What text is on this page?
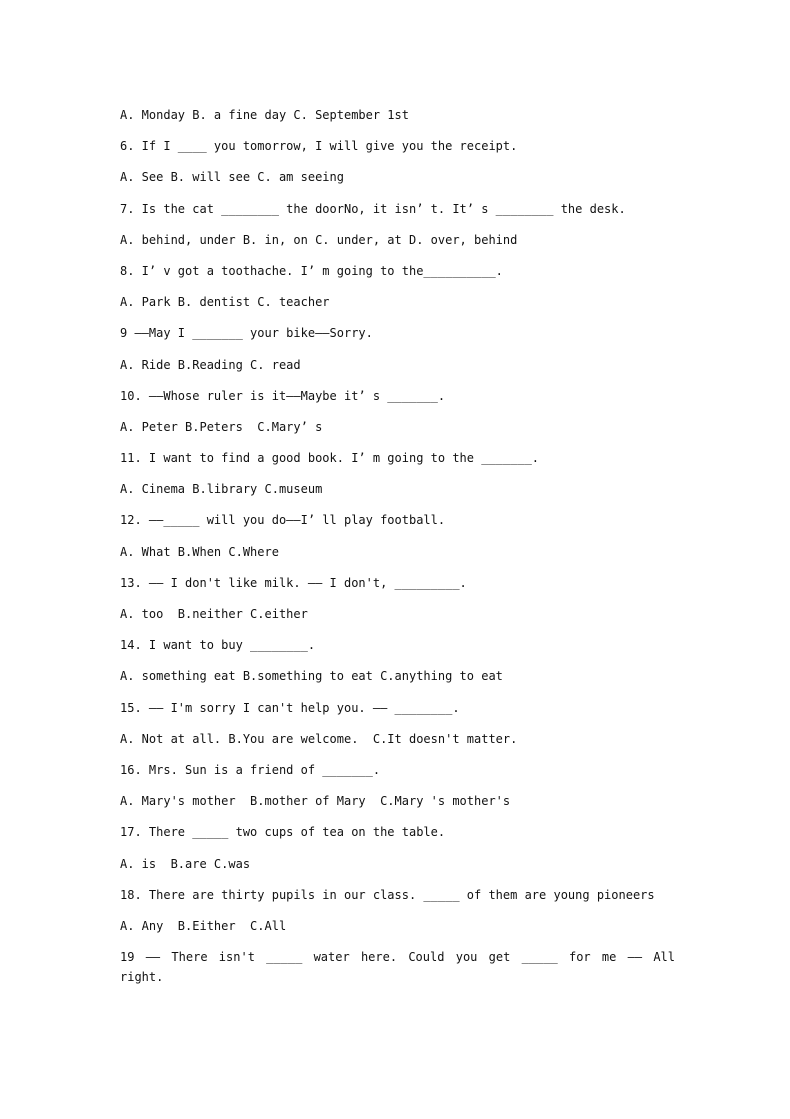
A. Monday B. a fine day C. September 1st
6. If I ____ you tomorrow, I will give you the receipt.
A. See B. will see C. am seeing
7. Is the cat ________ the doorNo, it isn’ t. It’ s ________ the desk.
A. behind, under B. in, on C. under, at D. over, behind
8. I’ v got a toothache. I’ m going to the__________.
A. Park B. dentist C. teacher
9 ——May I _______ your bike——Sorry.
A. Ride B.Reading C. read
10. ——Whose ruler is it——Maybe it’ s _______.
A. Peter B.Peters  C.Mary’ s
11. I want to find a good book. I’ m going to the _______.
A. Cinema B.library C.museum
12. ——_____ will you do——I’ ll play football.
A. What B.When C.Where
13. —— I don't like milk. —— I don't, _________.
A. too  B.neither C.either
14. I want to buy ________.
A. something eat B.something to eat C.anything to eat
15. —— I'm sorry I can't help you. —— ________.
A. Not at all. B.You are welcome.  C.It doesn't matter.
16. Mrs. Sun is a friend of _______.
A. Mary's mother  B.mother of Mary  C.Mary 's mother's
17. There _____ two cups of tea on the table.
A. is  B.are C.was
18. There are thirty pupils in our class. _____ of them are young pioneers
A. Any  B.Either  C.All
19 —— There isn't _____ water here. Could you get _____ for me —— All right.
